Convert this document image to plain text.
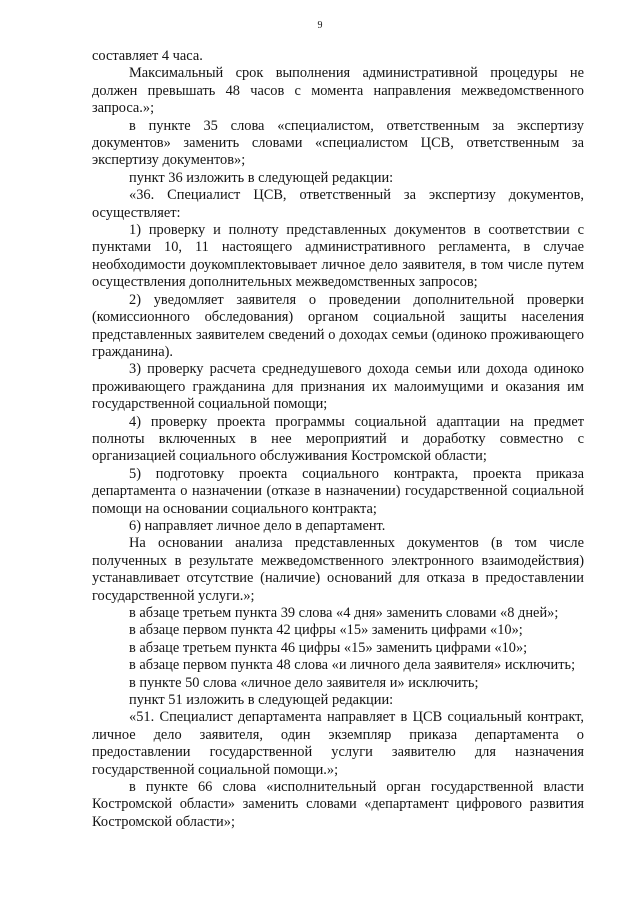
9

составляет 4 часа.

Максимальный срок выполнения административной процедуры не должен превышать 48 часов с момента направления межведомственного запроса.»;

в пункте 35 слова «специалистом, ответственным за экспертизу документов» заменить словами «специалистом ЦСВ, ответственным за экспертизу документов»;

пункт 36 изложить в следующей редакции:

«36. Специалист ЦСВ, ответственный за экспертизу документов, осуществляет:

1) проверку и полноту представленных документов в соответствии с пунктами 10, 11 настоящего административного регламента, в случае необходимости доукомплектовывает личное дело заявителя, в том числе путем осуществления дополнительных межведомственных запросов;

2) уведомляет заявителя о проведении дополнительной проверки (комиссионного обследования) органом социальной защиты населения представленных заявителем сведений о доходах семьи (одиноко проживающего гражданина).

3) проверку расчета среднедушевого дохода семьи или дохода одиноко проживающего гражданина для признания их малоимущими и оказания им государственной социальной помощи;

4) проверку проекта программы социальной адаптации на предмет полноты включенных в нее мероприятий и доработку совместно с организацией социального обслуживания Костромской области;

5) подготовку проекта социального контракта, проекта приказа департамента о назначении (отказе в назначении) государственной социальной помощи на основании социального контракта;

6) направляет личное дело в департамент.

На основании анализа представленных документов (в том числе полученных в результате межведомственного электронного взаимодействия) устанавливает отсутствие (наличие) оснований для отказа в предоставлении государственной услуги.»;

в абзаце третьем пункта 39 слова «4 дня» заменить словами «8 дней»;

в абзаце первом пункта 42 цифры «15» заменить цифрами «10»;

в абзаце третьем пункта 46 цифры «15» заменить цифрами «10»;

в абзаце первом пункта 48 слова «и личного дела заявителя» исключить;

в пункте 50 слова «личное дело заявителя и» исключить;

пункт 51 изложить в следующей редакции:

«51. Специалист департамента направляет в ЦСВ социальный контракт, личное дело заявителя, один экземпляр приказа департамента о предоставлении государственной услуги заявителю для назначения государственной социальной помощи.»;

в пункте 66 слова «исполнительный орган государственной власти Костромской области» заменить словами «департамент цифрового развития Костромской области»;
